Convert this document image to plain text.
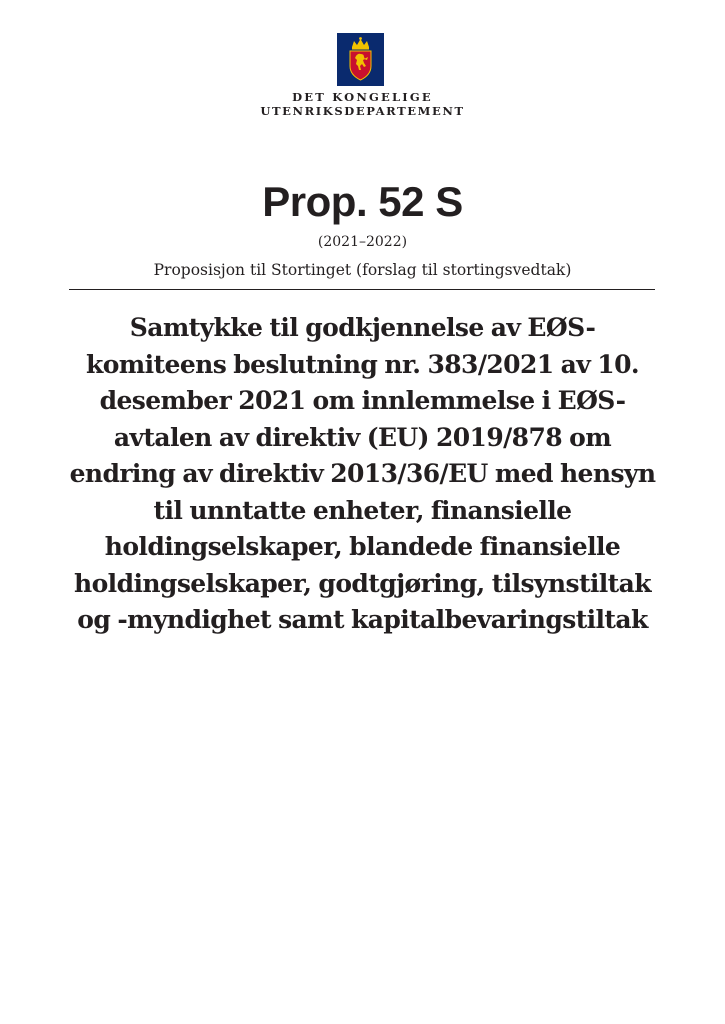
DET KONGELIGE

UTENRIKSDEPARTEMENT

Prop. 52 S

(2021–2022)

Proposisjon til Stortinget (forslag til stortingsvedtak)

Samtykke til godkjennelse av EØS-komiteens beslutning nr. 383/2021 av 10. desember 2021 om innlemmelse i EØS-avtalen av direktiv (EU) 2019/878 om endring av direktiv 2013/36/EU med hensyn til unntatte enheter, finansielle holdingselskaper, blandede finansielle holdingselskaper, godtgjøring, tilsynstiltak og -myndighet samt kapitalbevaringstiltak
